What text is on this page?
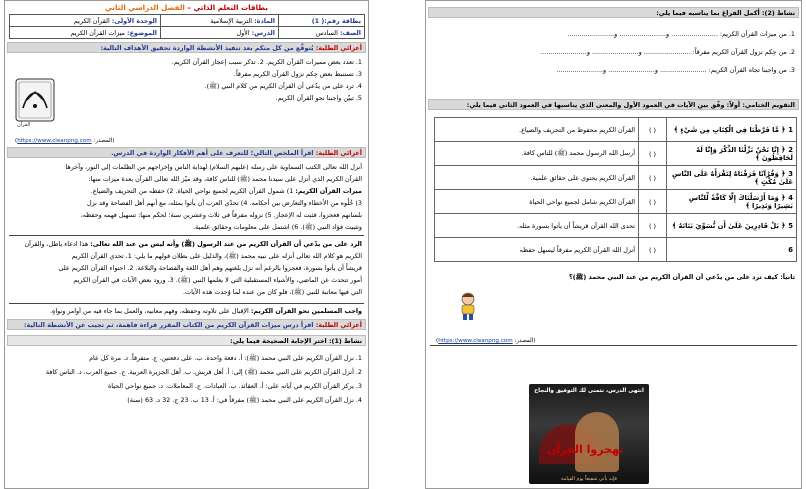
بطاقات التعلم الذاتي – الفصل الدراسي الثاني
بطاقة رقم:( 1)	المادة: التربية الإسلامية	الوحدة الأولى: القرآن الكريم
الصف: السادس	الدرس: الأول	الموضوع: ميزات القرآن الكريم
أعزائي الطلبة: يُتوقَّع من كل منكم بعد تنفيذ الأنشطة الواردة تحقيق الأهداف التالية:
1. تعدد بعض مميزات القرآن الكريم. 2. تذكر سبب إعجاز القرآن الكريم.
3. تستنبط بعض حِكم نزول القرآن الكريم مفرقاً.
4. ترد على من يدّعي أن القرآن الكريم من كلام النبي (ﷺ).
5. تبيّن واجبنا نحو القرآن الكريم.
القرآن
(المصدر: https://www.cleanpng.com)
أعزائي الطلبة: اقرأ الملخص التالي؛ للتعرف على أهم الأفكار الواردة في الدرس.
أنزل الله تعالى الكتب السماوية على رسله (عليهم السلام) لهداية الناس وإخراجهم من الظلمات إلى النور، وآخرها
القرآن الكريم الذي أنزل على سيدنا محمد (ﷺ) للناس كافة، وقد ميّز الله تعالى القرآن بعدة ميزات منها:
ميزات القرآن الكريم: 1) شمول القرآن الكريم لجميع نواحي الحياة. 2) حفظه من التحريف والضياع.
3) خُلُوه من الأخطاء والتعارض بين أحكامه. 4) تحدّي العرب أن يأتوا بمثله، مع أنهم أهل الفصاحة وقد نزل
بلسانهم فعجزوا، فثبت له الإعجاز. 5) نزوله مفرقاً في ثلاث وعشرين سنة؛ لحكم منها: تسهيل فهمه وحفظه،
وتثبيت فؤاد النبي (ﷺ). 6) اشتمل على معلومات وحقائق علمية.
الرد على من يدّعي أن القرآن الكريم من عند الرسول (ﷺ) وأنه ليس من عند الله تعالى: هذا ادعاء باطل، والقرآن
الكريم هو كلام الله تعالى أنزله على نبيه محمد (ﷺ)، والدليل على بطلان قولهم ما يلي: 1. تحدي القرآن الكريم
قريشاً أن يأتوا بسورة، فعجزوا بالرغم أنه نزل بلغتهم وهم أهل اللغة والفصاحة والبلاغة. 2. احتواء القرآن الكريم على
أمور تتحدث عن الماضي، والأشياء المستقبلية التي لا يعلمها النبي (ﷺ). 3. ورود بعض الآيات في القرآن الكريم
التي فيها معاتبة للنبي (ﷺ)، فلو كان من عنده لما وُجدت هذه الآيات.
واجب المسلمين نحو القرآن الكريم: الإقبال على تلاوته وحفظه، وفهم معانيه، والعمل بما جاء فيه من أوامر ونواهٍ.
أعزائي الطلبة: اقرأ درس ميزات القرآن الكريم من الكتاب المقرر قراءة فاهمة، ثم تجيب عن الأنشطة التالية:
نشاط (1): اختر الإجابة الصحيحة فيما يلي:
1. نزل القرآن الكريم على النبي محمد (ﷺ): أ. دفعة واحدة. ب. على دفعتين. ج. متفرقاً. د. مرة كل عام
2. أنزل القرآن الكريم على النبي محمد (ﷺ) إلى: أ. أهل قريش. ب. أهل الجزيرة العربية. ج. جميع العرب. د. الناس كافة
3. يركز القرآن الكريم في آياته على: أ. العقائد. ب. العبادات. ج. المعاملات. د. جميع نواحي الحياة
4. نزل القرآن الكريم على النبي محمد (ﷺ) مفرقاً في: أ. 13 ب. 23 ج. 32 د. 63 (سنة)
نشاط (2): أكمل الفراغ بما يناسبه فيما يلي:
1. من ميزات القرآن الكريم: ....................... و....................... و.......................
2. من حِكم نزول القرآن الكريم مفرقاً: ....................... و....................... و.......................
3. من واجبنا تجاه القرآن الكريم: ....................... و....................... و.......................
التقويم الختامي: أولاً: وفّق بين الآيات في العمود الأول والمعنى الذي يناسبها في العمود الثاني فيما يلي:
1﴿ مَّا فَرَّطْنَا فِي الْكِتَابِ مِن شَيْءٍ ﴾	( )	القرآن الكريم محفوظ من التحريف والضياع.
2﴿ إِنَّا نَحْنُ نَزَّلْنَا الذِّكْرَ وَإِنَّا لَهُ لَحَافِظُونَ ﴾	( )	أرسل الله الرسول محمد (ﷺ) للناس كافة.
3﴿ وَقُرْآنًا فَرَقْنَاهُ لِتَقْرَأَهُ عَلَى النَّاسِ عَلَىٰ مُكْثٍ ﴾	( )	القرآن الكريم يحتوي على حقائق علمية.
4﴿ وَمَا أَرْسَلْنَاكَ إِلَّا كَافَّةً لِّلنَّاسِ بَشِيرًا وَنَذِيرًا ﴾	( )	القرآن الكريم شامل لجميع نواحي الحياة
5﴿ بَلْ قَادِرِينَ عَلَىٰ أَن نُّسَوِّيَ بَنَانَهُ ﴾	( )	تحدى الله القرآن قريشاً أن يأتوا بسورة مثله.
6	( )	أنزل الله القرآن الكريم مفرقاً ليسهل حفظه
ثانياً: كيف ترد على من يدّعي أن القرآن الكريم من عند النبي محمد (ﷺ)؟
(المصدر: https://www.cleanpng.com)
انتهى الدرس، نتمنى لك التوفيق والنجاح
تهجروا القرآن
فإنه يأتي شفيعاً يوم القيامة
